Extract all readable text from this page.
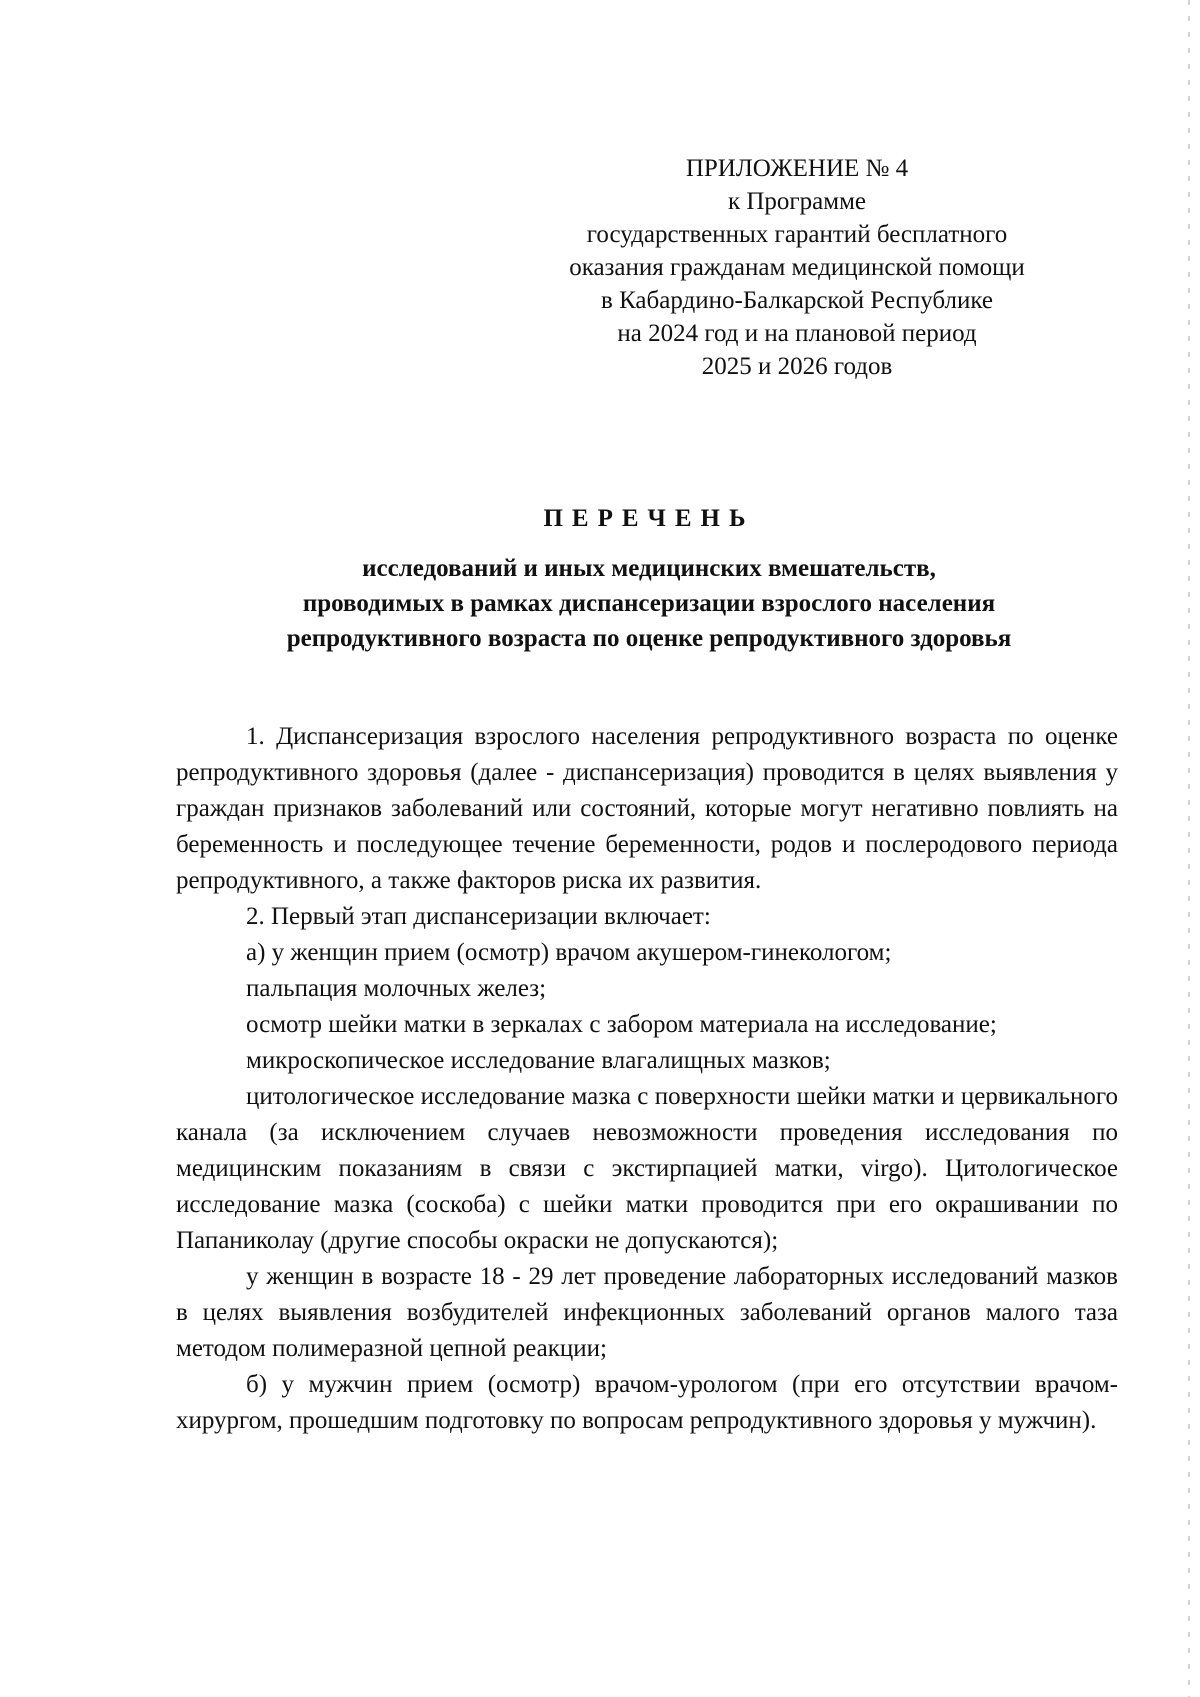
ПРИЛОЖЕНИЕ № 4
к Программе
государственных гарантий бесплатного
оказания гражданам медицинской помощи
в Кабардино-Балкарской Республике
на 2024 год и на плановой период
2025 и 2026 годов
ПЕРЕЧЕНЬ
исследований и иных медицинских вмешательств,
проводимых в рамках диспансеризации взрослого населения
репродуктивного возраста по оценке репродуктивного здоровья

1. Диспансеризация взрослого населения репродуктивного возраста по оценке репродуктивного здоровья (далее - диспансеризация) проводится в целях выявления у граждан признаков заболеваний или состояний, которые могут негативно повлиять на беременность и последующее течение беременности, родов и послеродового периода репродуктивного, а также факторов риска их развития.

2. Первый этап диспансеризации включает:

а) у женщин прием (осмотр) врачом акушером-гинекологом;

пальпация молочных желез;

осмотр шейки матки в зеркалах с забором материала на исследование;

микроскопическое исследование влагалищных мазков;

цитологическое исследование мазка с поверхности шейки матки и цервикального канала (за исключением случаев невозможности проведения исследования по медицинским показаниям в связи с экстирпацией матки, virgo). Цитологическое исследование мазка (соскоба) с шейки матки проводится при его окрашивании по Папаниколау (другие способы окраски не допускаются);

у женщин в возрасте 18 - 29 лет проведение лабораторных исследований мазков в целях выявления возбудителей инфекционных заболеваний органов малого таза методом полимеразной цепной реакции;

б) у мужчин прием (осмотр) врачом-урологом (при его отсутствии врачом-хирургом, прошедшим подготовку по вопросам репродуктивного здоровья у мужчин).
